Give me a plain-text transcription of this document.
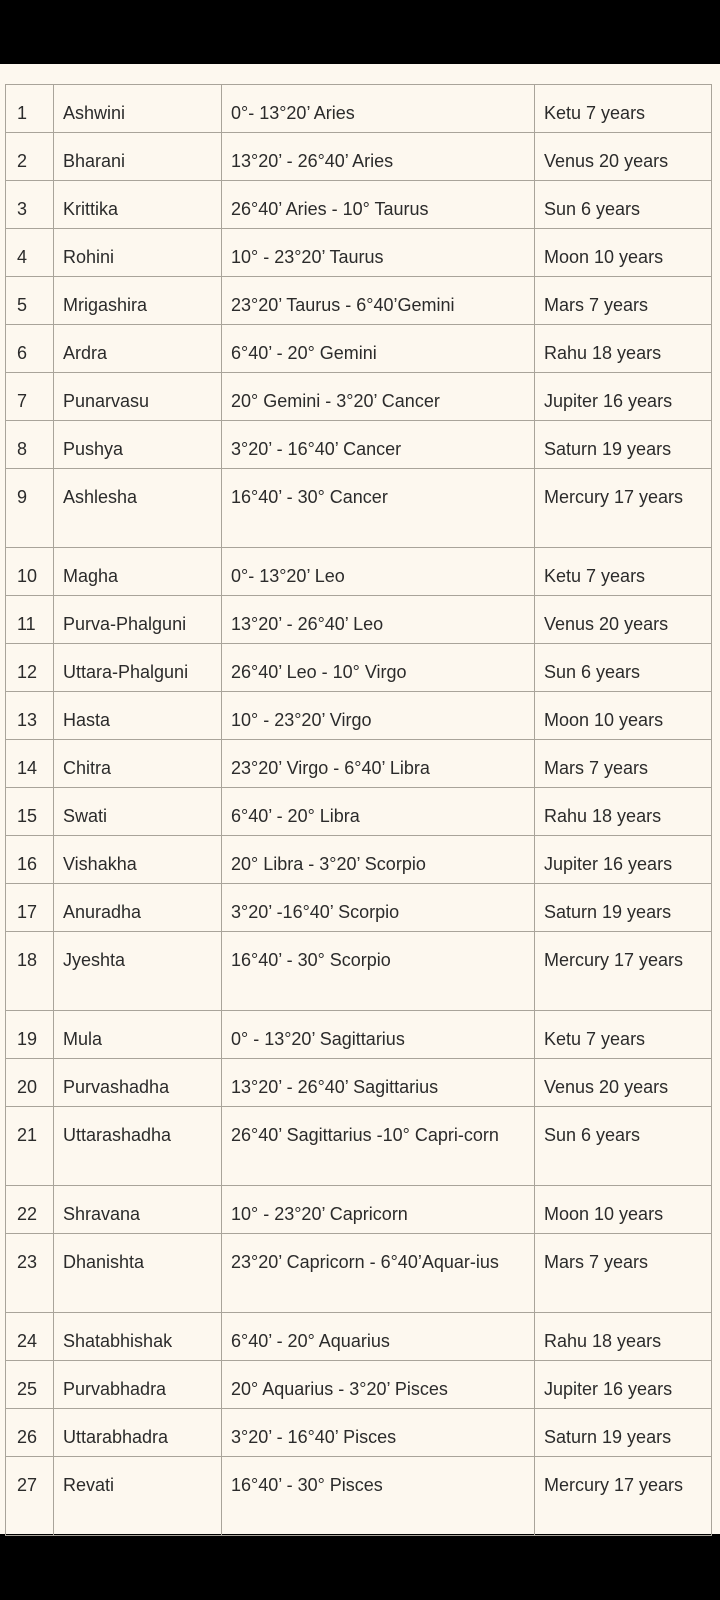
1	Ashwini	0°- 13°20’ Aries	Ketu 7 years
2	Bharani	13°20’ - 26°40’ Aries	Venus 20 years
3	Krittika	26°40’ Aries - 10° Taurus	Sun 6 years
4	Rohini	10° - 23°20’ Taurus	Moon 10 years
5	Mrigashira	23°20’ Taurus - 6°40’Gemini	Mars 7 years
6	Ardra	6°40’ - 20° Gemini	Rahu 18 years
7	Punarvasu	20° Gemini - 3°20’ Cancer	Jupiter 16 years
8	Pushya	3°20’ - 16°40’ Cancer	Saturn 19 years
9	Ashlesha	16°40’ - 30° Cancer	Mercury 17 years
10	Magha	0°- 13°20’ Leo	Ketu 7 years
11	Purva-Phalguni	13°20’ - 26°40’ Leo	Venus 20 years
12	Uttara-Phalguni	26°40’ Leo - 10° Virgo	Sun 6 years
13	Hasta	10° - 23°20’ Virgo	Moon 10 years
14	Chitra	23°20’ Virgo - 6°40’ Libra	Mars 7 years
15	Swati	6°40’ - 20° Libra	Rahu 18 years
16	Vishakha	20° Libra - 3°20’ Scorpio	Jupiter 16 years
17	Anuradha	3°20’ -16°40’ Scorpio	Saturn 19 years
18	Jyeshta	16°40’ - 30° Scorpio	Mercury 17 years
19	Mula	0° - 13°20’ Sagittarius	Ketu 7 years
20	Purvashadha	13°20’ - 26°40’ Sagittarius	Venus 20 years
21	Uttarashadha	26°40’ Sagittarius -10° Capri-corn	Sun 6 years
22	Shravana	10° - 23°20’ Capricorn	Moon 10 years
23	Dhanishta	23°20’ Capricorn - 6°40’Aquar-ius	Mars 7 years
24	Shatabhishak	6°40’ - 20° Aquarius	Rahu 18 years
25	Purvabhadra	20° Aquarius - 3°20’ Pisces	Jupiter 16 years
26	Uttarabhadra	3°20’ - 16°40’ Pisces	Saturn 19 years
27	Revati	16°40’ - 30° Pisces	Mercury 17 years
